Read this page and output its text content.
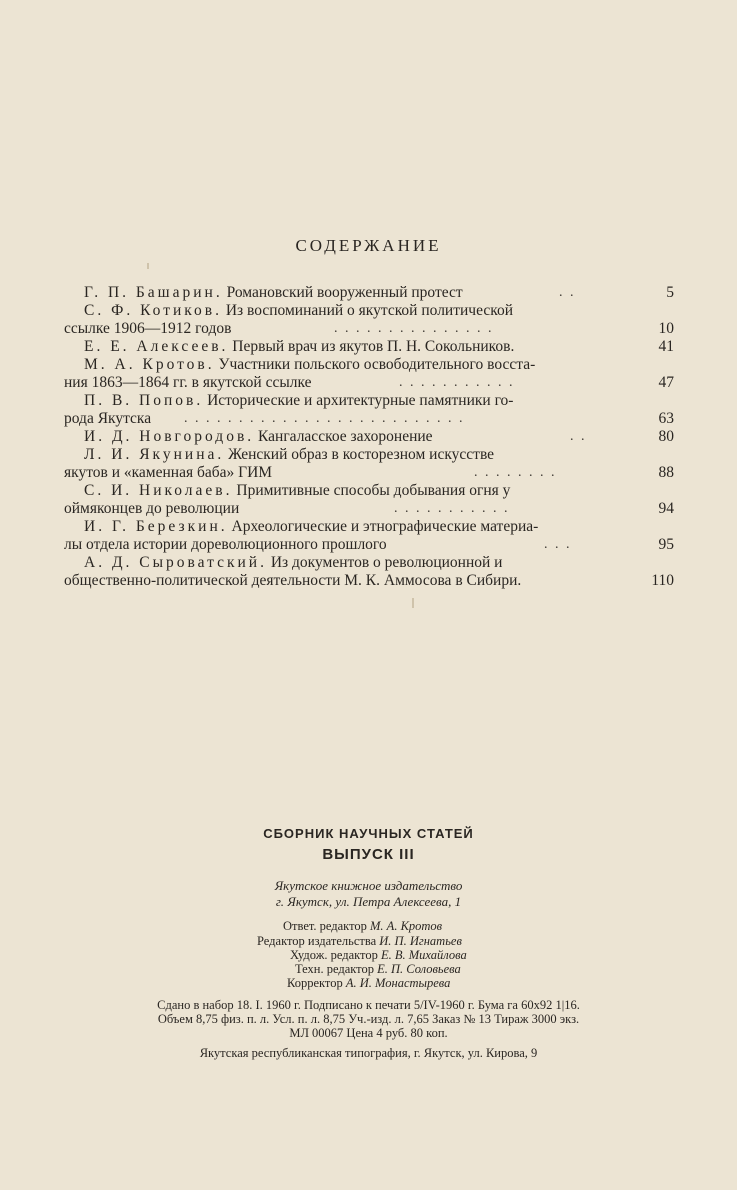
СОДЕРЖАНИЕ
Г. П. Башарин. Романовский вооруженный протест	. .	5
С. Ф. Котиков. Из воспоминаний о якутской политической
ссылке 1906—1912 годов	. . . . . . . . . . . . . . .	10
Е. Е. Алексеев. Первый врач из якутов П. Н. Сокольников.	41
М. А. Кротов. Участники польского освободительного восста-
ния 1863—1864 гг. в якутской ссылке	. . . . . . . . . . .	47
П. В. Попов. Исторические и архитектурные памятники го-
рода Якутска . . . . . . . . . . . . . . . . . . . . . . . . . .	63
И. Д. Новгородов. Кангаласское захоронение	. .	80
Л. И. Якунина. Женский образ в косторезном искусстве
якутов и «каменная баба» ГИМ	. . . . . . . .	88
С. И. Николаев. Примитивные способы добывания огня у
оймяконцев до революции	. . . . . . . . . . .	94
И. Г. Березкин. Археологические и этнографические материа-
лы отдела истории дореволюционного прошлого	. . .	95
А. Д. Сыроватский. Из документов о революционной и
общественно-политической деятельности М. К. Аммосова в Сибири.	110
СБОРНИК НАУЧНЫХ СТАТЕЙ
ВЫПУСК III
Якутское книжное издательство
г. Якутск, ул. Петра Алексеева, 1
Ответ. редактор М. А. Кротов
Редактор издательства И. П. Игнатьев
Худож. редактор Е. В. Михайлова
Техн. редактор Е. П. Соловьева
Корректор А. И. Монастырева
Сдано в набор 18. I. 1960 г. Подписано к печати 5/IV-1960 г. Бума га 60х92 1|16.
Объем 8,75 физ. п. л. Усл. п. л. 8,75 Уч.-изд. л. 7,65 Заказ № 13 Тираж 3000 экз.
МЛ 00067 Цена 4 руб. 80 коп.
Якутская республиканская типография, г. Якутск, ул. Кирова, 9
